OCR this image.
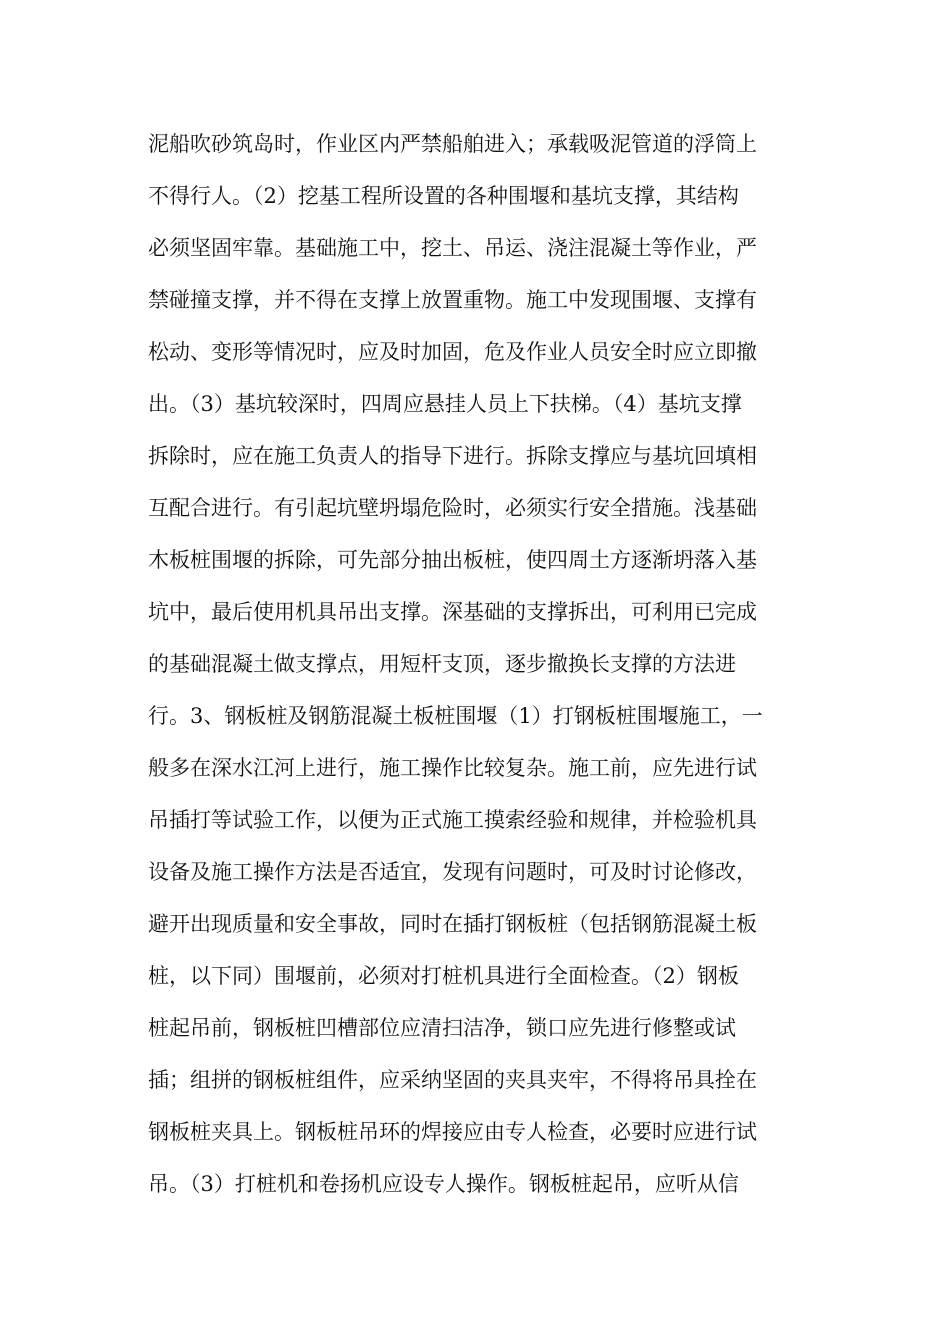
泥船吹砂筑岛时，作业区内严禁船舶进入；承载吸泥管道的浮筒上
不得行人。（2）挖基工程所设置的各种围堰和基坑支撑，其结构
必须坚固牢靠。基础施工中，挖土、吊运、浇注混凝土等作业，严
禁碰撞支撑，并不得在支撑上放置重物。施工中发现围堰、支撑有
松动、变形等情况时，应及时加固，危及作业人员安全时应立即撤
出。（3）基坑较深时，四周应悬挂人员上下扶梯。（4）基坑支撑
拆除时，应在施工负责人的指导下进行。拆除支撑应与基坑回填相
互配合进行。有引起坑壁坍塌危险时，必须实行安全措施。浅基础
木板桩围堰的拆除，可先部分抽出板桩，使四周土方逐渐坍落入基
坑中，最后使用机具吊出支撑。深基础的支撑拆出，可利用已完成
的基础混凝土做支撑点，用短杆支顶，逐步撤换长支撑的方法进
行。3、钢板桩及钢筋混凝土板桩围堰（1）打钢板桩围堰施工，一
般多在深水江河上进行，施工操作比较复杂。施工前，应先进行试
吊插打等试验工作，以便为正式施工摸索经验和规律，并检验机具
设备及施工操作方法是否适宜，发现有问题时，可及时讨论修改，
避开出现质量和安全事故，同时在插打钢板桩（包括钢筋混凝土板
桩，以下同）围堰前，必须对打桩机具进行全面检查。（2）钢板
桩起吊前，钢板桩凹槽部位应清扫洁净，锁口应先进行修整或试
插；组拼的钢板桩组件，应采纳坚固的夹具夹牢，不得将吊具拴在
钢板桩夹具上。钢板桩吊环的焊接应由专人检查，必要时应进行试
吊。（3）打桩机和卷扬机应设专人操作。钢板桩起吊，应听从信
